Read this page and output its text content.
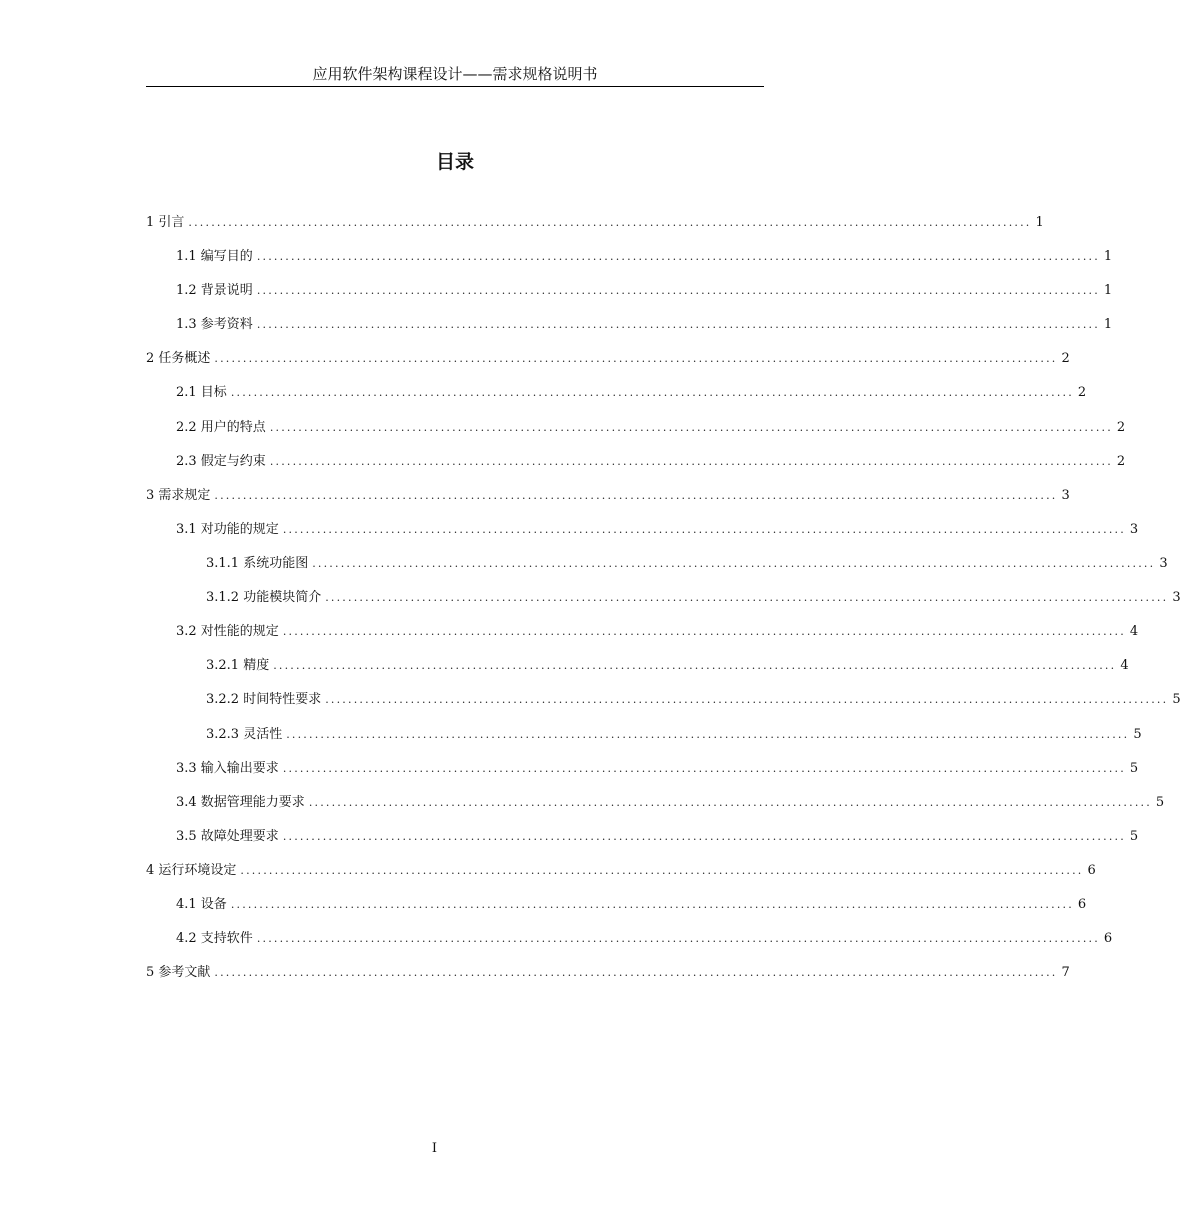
应用软件架构课程设计——需求规格说明书
目录
1 引言 .................................................................................................................................................... 1
1.1 编写目的 .................................................................................................................................................... 1
1.2 背景说明 .................................................................................................................................................... 1
1.3 参考资料 .................................................................................................................................................... 1
2 任务概述 .................................................................................................................................................... 2
2.1 目标 .................................................................................................................................................... 2
2.2 用户的特点 .................................................................................................................................................... 2
2.3 假定与约束 .................................................................................................................................................... 2
3 需求规定 .................................................................................................................................................... 3
3.1 对功能的规定 .................................................................................................................................................... 3
3.1.1 系统功能图 .................................................................................................................................................... 3
3.1.2 功能模块简介 .................................................................................................................................................... 3
3.2 对性能的规定 .................................................................................................................................................... 4
3.2.1 精度 .................................................................................................................................................... 4
3.2.2 时间特性要求 .................................................................................................................................................... 5
3.2.3 灵活性 .................................................................................................................................................... 5
3.3 输入输出要求 .................................................................................................................................................... 5
3.4 数据管理能力要求 .................................................................................................................................................... 5
3.5 故障处理要求 .................................................................................................................................................... 5
4 运行环境设定 .................................................................................................................................................... 6
4.1 设备 .................................................................................................................................................... 6
4.2 支持软件 .................................................................................................................................................... 6
5 参考文献 .................................................................................................................................................... 7
I
